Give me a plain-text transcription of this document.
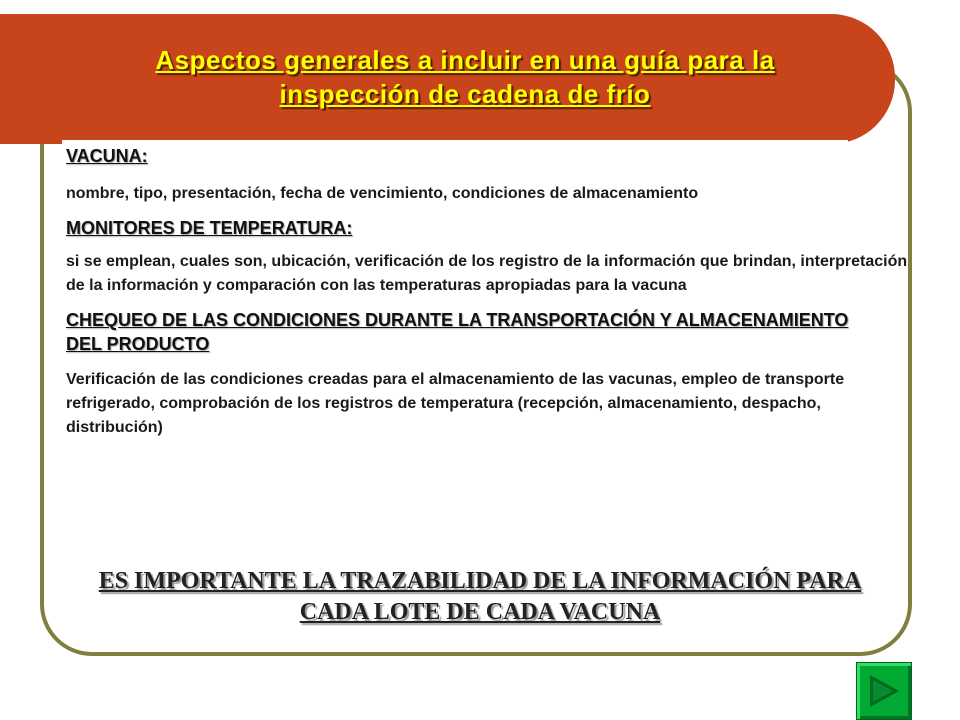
Aspectos generales a incluir en una guía para la
inspección de cadena de frío
VACUNA:
nombre, tipo, presentación, fecha de vencimiento, condiciones de almacenamiento
MONITORES DE TEMPERATURA:
si se emplean, cuales son, ubicación, verificación de los registro de la información que brindan, interpretación de la información y comparación con las temperaturas apropiadas para la vacuna
CHEQUEO DE LAS CONDICIONES DURANTE LA TRANSPORTACIÓN Y ALMACENAMIENTO DEL PRODUCTO
Verificación de las condiciones creadas para el almacenamiento de las vacunas, empleo de transporte refrigerado, comprobación de los registros de temperatura (recepción, almacenamiento, despacho, distribución)
ES IMPORTANTE LA TRAZABILIDAD DE LA INFORMACIÓN PARA CADA LOTE DE CADA VACUNA
